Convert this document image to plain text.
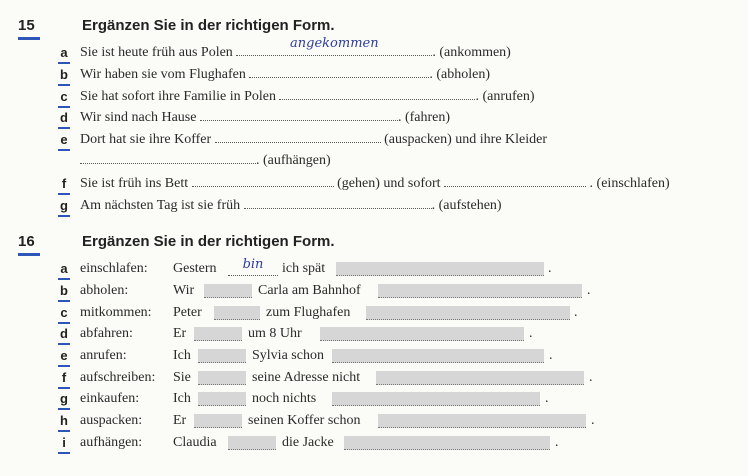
15	Ergänzen Sie in der richtigen Form.
a Sie ist heute früh aus Polen
angekommen
. (ankommen)
b Wir haben sie vom Flughafen	. (abholen)
c Sie hat sofort ihre Familie in Polen	. (anrufen)
d Wir sind nach Hause	. (fahren)
e Dort hat sie ihre Koffer	(auspacken) und ihre Kleider
. (aufhängen)
f Sie ist früh ins Bett	(gehen) und sofort	. (einschlafen)
g Am nächsten Tag ist sie früh	. (aufstehen)
16	Ergänzen Sie in der richtigen Form.
a einschlafen: Gestern	bin	ich spät	.
b abholen:	Wir	Carla am Bahnhof	.
c mitkommen: Peter	zum Flughafen	.
d abfahren:	Er	um 8 Uhr	.
e anrufen:	Ich	Sylvia schon	.
f aufschreiben: Sie	seine Adresse nicht	.
g einkaufen: Ich	noch nichts	.
h auspacken: Er	seinen Koffer schon	.
i aufhängen: Claudia	die Jacke	.
